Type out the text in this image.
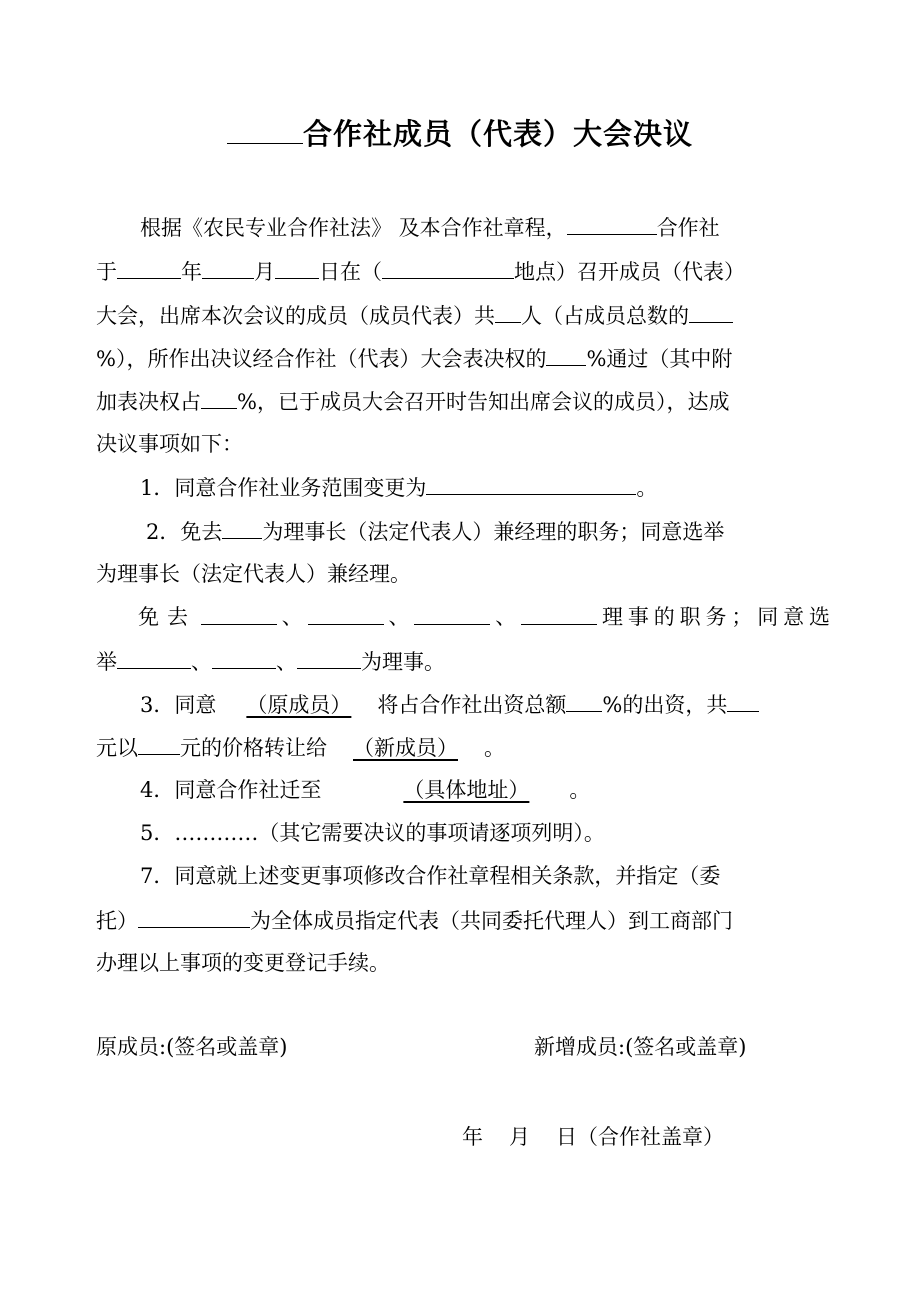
合作社成员（代表）大会决议
根据《农民专业合作社法》 及本合作社章程，	合作社
于	年 月 日在（	地点）召开成员（代表）
大会，出席本次会议的成员（成员代表）共 人（占成员总数的
%），所作出决议经合作社（代表）大会表决权的 %通过（其中附
加表决权占 %，已于成员大会召开时告知出席会议的成员），达成
决议事项如下：
1．同意合作社业务范围变更为	。
2．免去 为理事长（法定代表人）兼经理的职务；同意选举
为理事长（法定代表人）兼经理。
免去	、	、	、	理 事 的 职 务 ； 同 意 选
举	、	、	为理事。
3．同意 （原成员） 将占合作社出资总额 %的出资，共
元以 元的价格转让给 （新成员） 。
4．同意合作社迁至	（具体地址） 。
5．…………（其它需要决议的事项请逐项列明）。
7．同意就上述变更事项修改合作社章程相关条款，并指定（委
托）	为全体成员指定代表（共同委托代理人）到工商部门
办理以上事项的变更登记手续。
原成员:(签名或盖章)	新增成员:(签名或盖章)
年 月 日（合作社盖章）
